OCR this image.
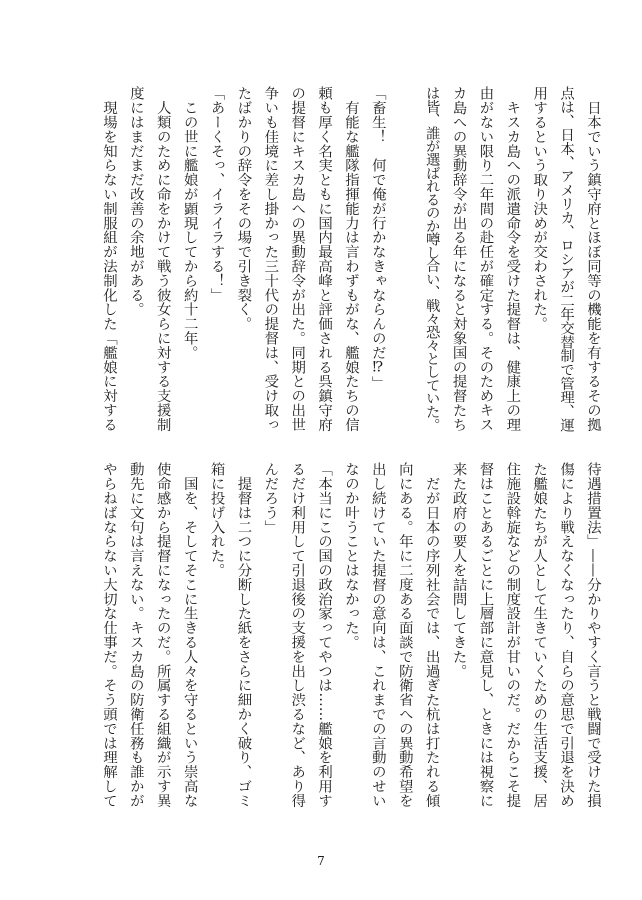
　日本でいう鎮守府とほぼ同等の機能を有するその拠
点は、日本、アメリカ、ロシアが二年交替制で管理、運
用するという取り決めが交わされた。
　キスカ島への派遣命令を受けた提督は、健康上の理
由がない限り二年間の赴任が確定する。そのためキス
カ島への異動辞令が出る年になると対象国の提督たち
は皆、誰が選ばれるのか噂し合い、戦々恐々としていた。
「畜生！　何で俺が行かなきゃならんのだ⁉」
　有能な艦隊指揮能力は言わずもがな、艦娘たちの信
頼も厚く名実ともに国内最高峰と評価される呉鎮守府
の提督にキスカ島への異動辞令が出た。同期との出世
争いも佳境に差し掛かった三十代の提督は、受け取っ
たばかりの辞令をその場で引き裂く。
「あーくそっ、イライラする！」
　この世に艦娘が顕現してから約十二年。
　人類のために命をかけて戦う彼女らに対する支援制
度にはまだまだ改善の余地がある。
　現場を知らない制服組が法制化した「艦娘に対する
待遇措置法」——分かりやすく言うと戦闘で受けた損
傷により戦えなくなったり、自らの意思で引退を決め
た艦娘たちが人として生きていくための生活支援、居
住施設斡旋などの制度設計が甘いのだ。だからこそ提
督はことあるごとに上層部に意見し、ときには視察に
来た政府の要人を詰問してきた。
　だが日本の序列社会では、出過ぎた杭は打たれる傾
向にある。年に二度ある面談で防衛省への異動希望を
出し続けていた提督の意向は、これまでの言動のせい
なのか叶うことはなかった。
「本当にこの国の政治家ってやつは……艦娘を利用す
るだけ利用して引退後の支援を出し渋るなど、あり得
んだろう」
　提督は二つに分断した紙をさらに細かく破り、ゴミ
箱に投げ入れた。
　国を、そしてそこに生きる人々を守るという崇高な
使命感から提督になったのだ。所属する組織が示す異
動先に文句は言えない。キスカ島の防衛任務も誰かが
やらねばならない大切な仕事だ。そう頭では理解して
7
